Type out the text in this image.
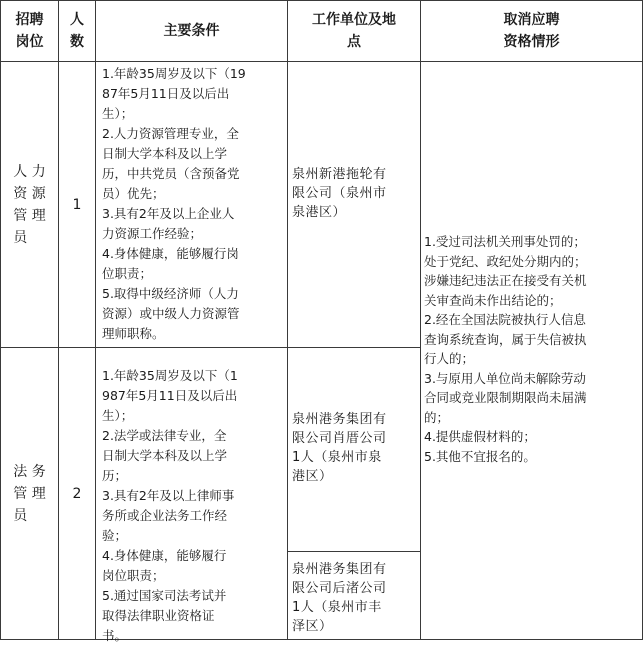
招聘
岗位
人
数
主要条件
工作单位及地
点
取消应聘
资格情形
人 力
资 源
管 理
员
1
1.年龄35周岁及以下（19
87年5月11日及以后出
生）；
2.人力资源管理专业，全
日制大学本科及以上学
历，中共党员（含预备党
员）优先；
3.具有2年及以上企业人
力资源工作经验；
4.身体健康，能够履行岗
位职责；
5.取得中级经济师（人力
资源）或中级人力资源管
理师职称。
泉州新港拖轮有
限公司（泉州市
泉港区）
法 务
管 理
员
2
1.年龄35周岁及以下（1
987年5月11日及以后出
生）；
2.法学或法律专业，全
日制大学本科及以上学
历；
3.具有2年及以上律师事
务所或企业法务工作经
验；
4.身体健康，能够履行
岗位职责；
5.通过国家司法考试并
取得法律职业资格证
书。
泉州港务集团有
限公司肖厝公司
1人（泉州市泉
港区）
泉州港务集团有
限公司后渚公司
1人（泉州市丰
泽区）
1.受过司法机关刑事处罚的；
处于党纪、政纪处分期内的；
涉嫌违纪违法正在接受有关机
关审查尚未作出结论的；
2.经在全国法院被执行人信息
查询系统查询，属于失信被执
行人的；
3.与原用人单位尚未解除劳动
合同或竞业限制期限尚未届满
的；
4.提供虚假材料的；
5.其他不宜报名的。
